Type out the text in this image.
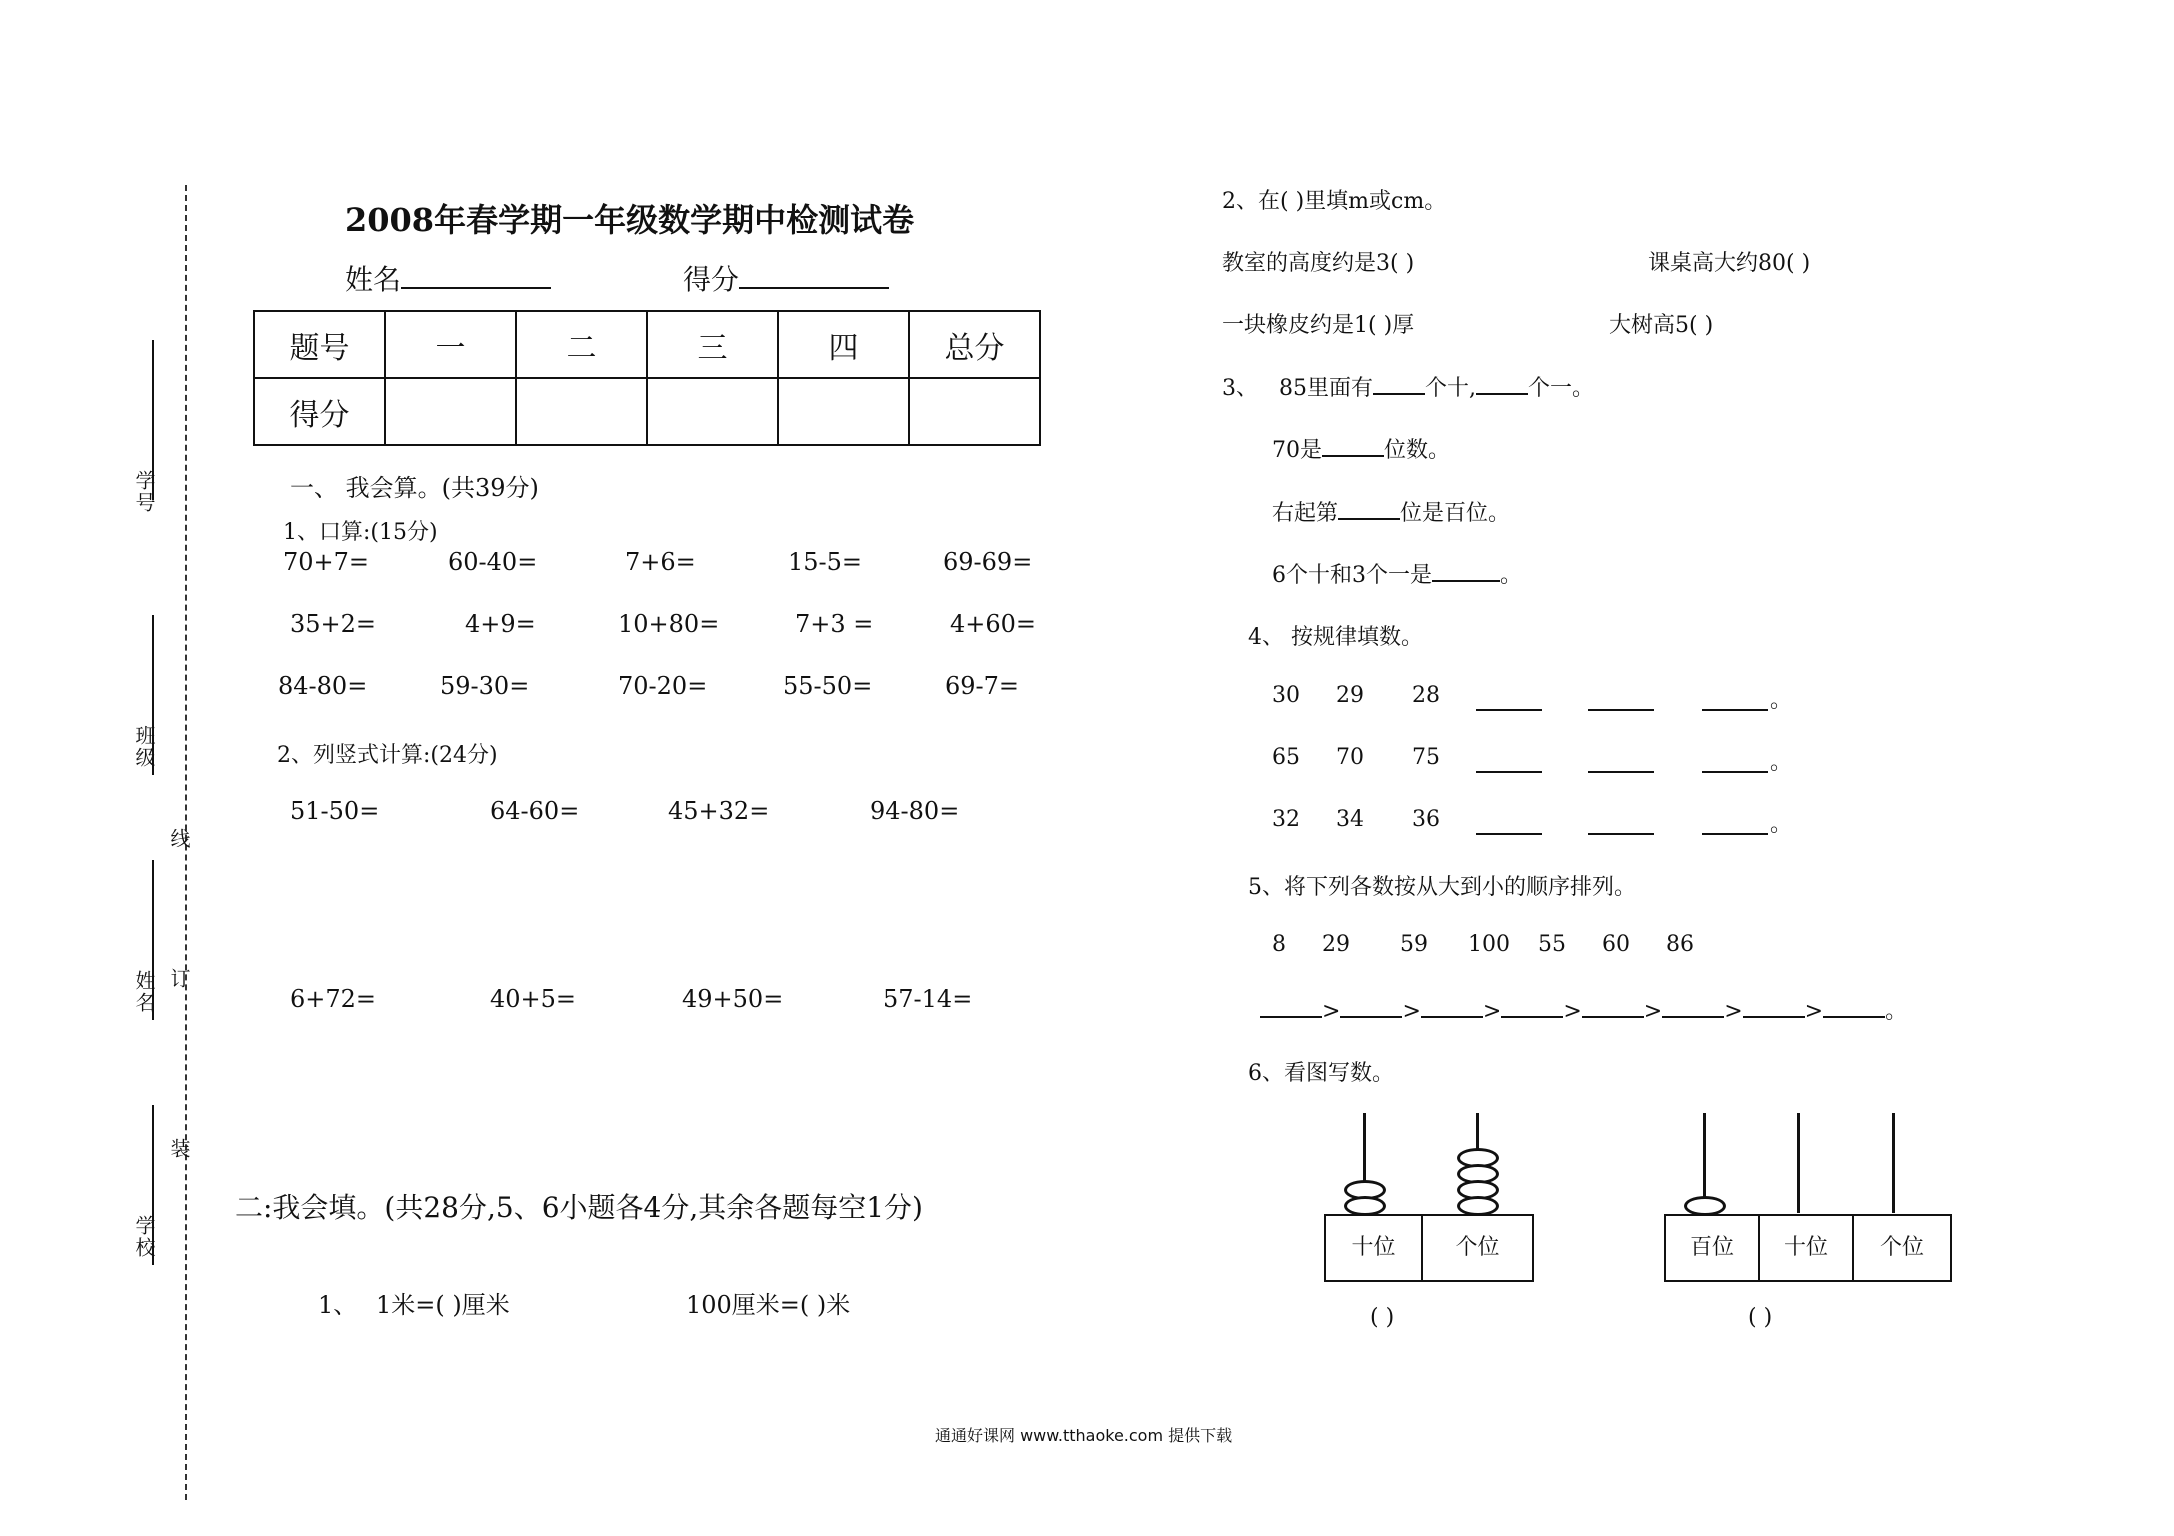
学号
班级
姓名
学校
线
订
装
2008年春学期一年级数学期中检测试卷
姓名	得分
题号	一	二	三	四	总分
得分					
一、 我会算。(共39分)
1、口算:(15分)
70+7=	60-40=	7+6=	15-5=	69-69=
35+2=	4+9=	10+80=	7+3 =	4+60=
84-80=	59-30=	70-20=	55-50=	69-7=
2、列竖式计算:(24分)
51-50=	64-60=	45+32=	94-80=
6+72=	40+5=	49+50=	57-14=
二:我会填。(共28分,5、6小题各4分,其余各题每空1分)
1、 1米=( )厘米	100厘米=( )米
2、在( )里填m或cm。
教室的高度约是3( )	课桌高大约80( )
一块橡皮约是1( )厚	大树高5( )
3、 85里面有 个十, 个一。
70是	位数。
右起第	位是百位。
6个十和3个一是	。
4、 按规律填数。
30 29 28	。
65 70 75	。
32 34 36	。
5、将下列各数按从大到小的顺序排列。
8 29 59 100 55 60 86
>	>	>	>	>	>	>	。
6、看图写数。
十位	个位
( )
百位	十位	个位
( )
通通好课网 www.tthaoke.com 提供下载
